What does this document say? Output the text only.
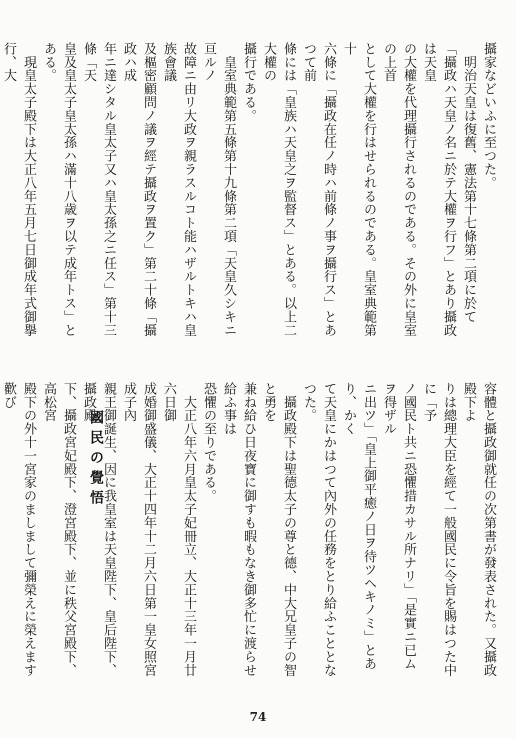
攝家などいふに至つた。
　明治天皇は復舊、憲法第十七條第二項に於て
「攝政ハ天皇ノ名ニ於テ大權ヲ行フ」とあり攝政は天皇
の大權を代理攝行されるのである。その外に皇室の上首
として大權を行はせられるのである。皇室典範第十
六條に「攝政在任ノ時ハ前條ノ事ヲ攝行ス」とあつて前
條には「皇族ハ天皇之ヲ監督ス」とある。以上二大權の
攝行である。
　皇室典範第五條第十九條第二項「天皇久シキニ亘ルノ
故障ニ由リ大政ヲ親ラスルコト能ハザルトキハ皇族會議
及樞密顧問ノ議ヲ經テ攝政ヲ置ク」第二十條「攝政ハ成
年ニ達シタル皇太子又ハ皇太孫之ニ任ス」第十三條「天
皇及皇太子皇太孫ハ滿十八歳ヲ以テ成年トス」とある。
　現皇太子殿下は大正八年五月七日御成年式御擧行、大

國民の覺悟	容體と攝政御就任の次第書が發表された。又攝政殿下よ
りは總理大臣を經て一般國民に令旨を賜はつた中に「予
ノ國民ト共ニ恐懼措カサル所ナリ」「是實ニ已ムヲ得ザル
ニ出ツ」「皇上御平癒ノ日ヲ待ツヘキノミ」とあり、かく
て天皇にかはつて內外の任務をとり給ふこととなつた。
　攝政殿下は聖德太子の尊と德、中大兄皇子の智と勇を
兼ね給ひ日夜寶に御すも暇もなき御多忙に渡らせ給ふ事は
恐懼の至りである。
　大正八年六月皇太子妃冊立、大正十三年一月廿六日御
成婚御盛儀、大正十四年十二月六日第一皇女照宮成子內
親王御誕生、因に我皇室は天皇陛下、皇后陛下、攝政殿
下、攝政宮妃殿下、澄宮殿下、並に秩父宮殿下、高松宮
殿下の外十一宮家のましまして彌榮えに榮えます歡び

74
